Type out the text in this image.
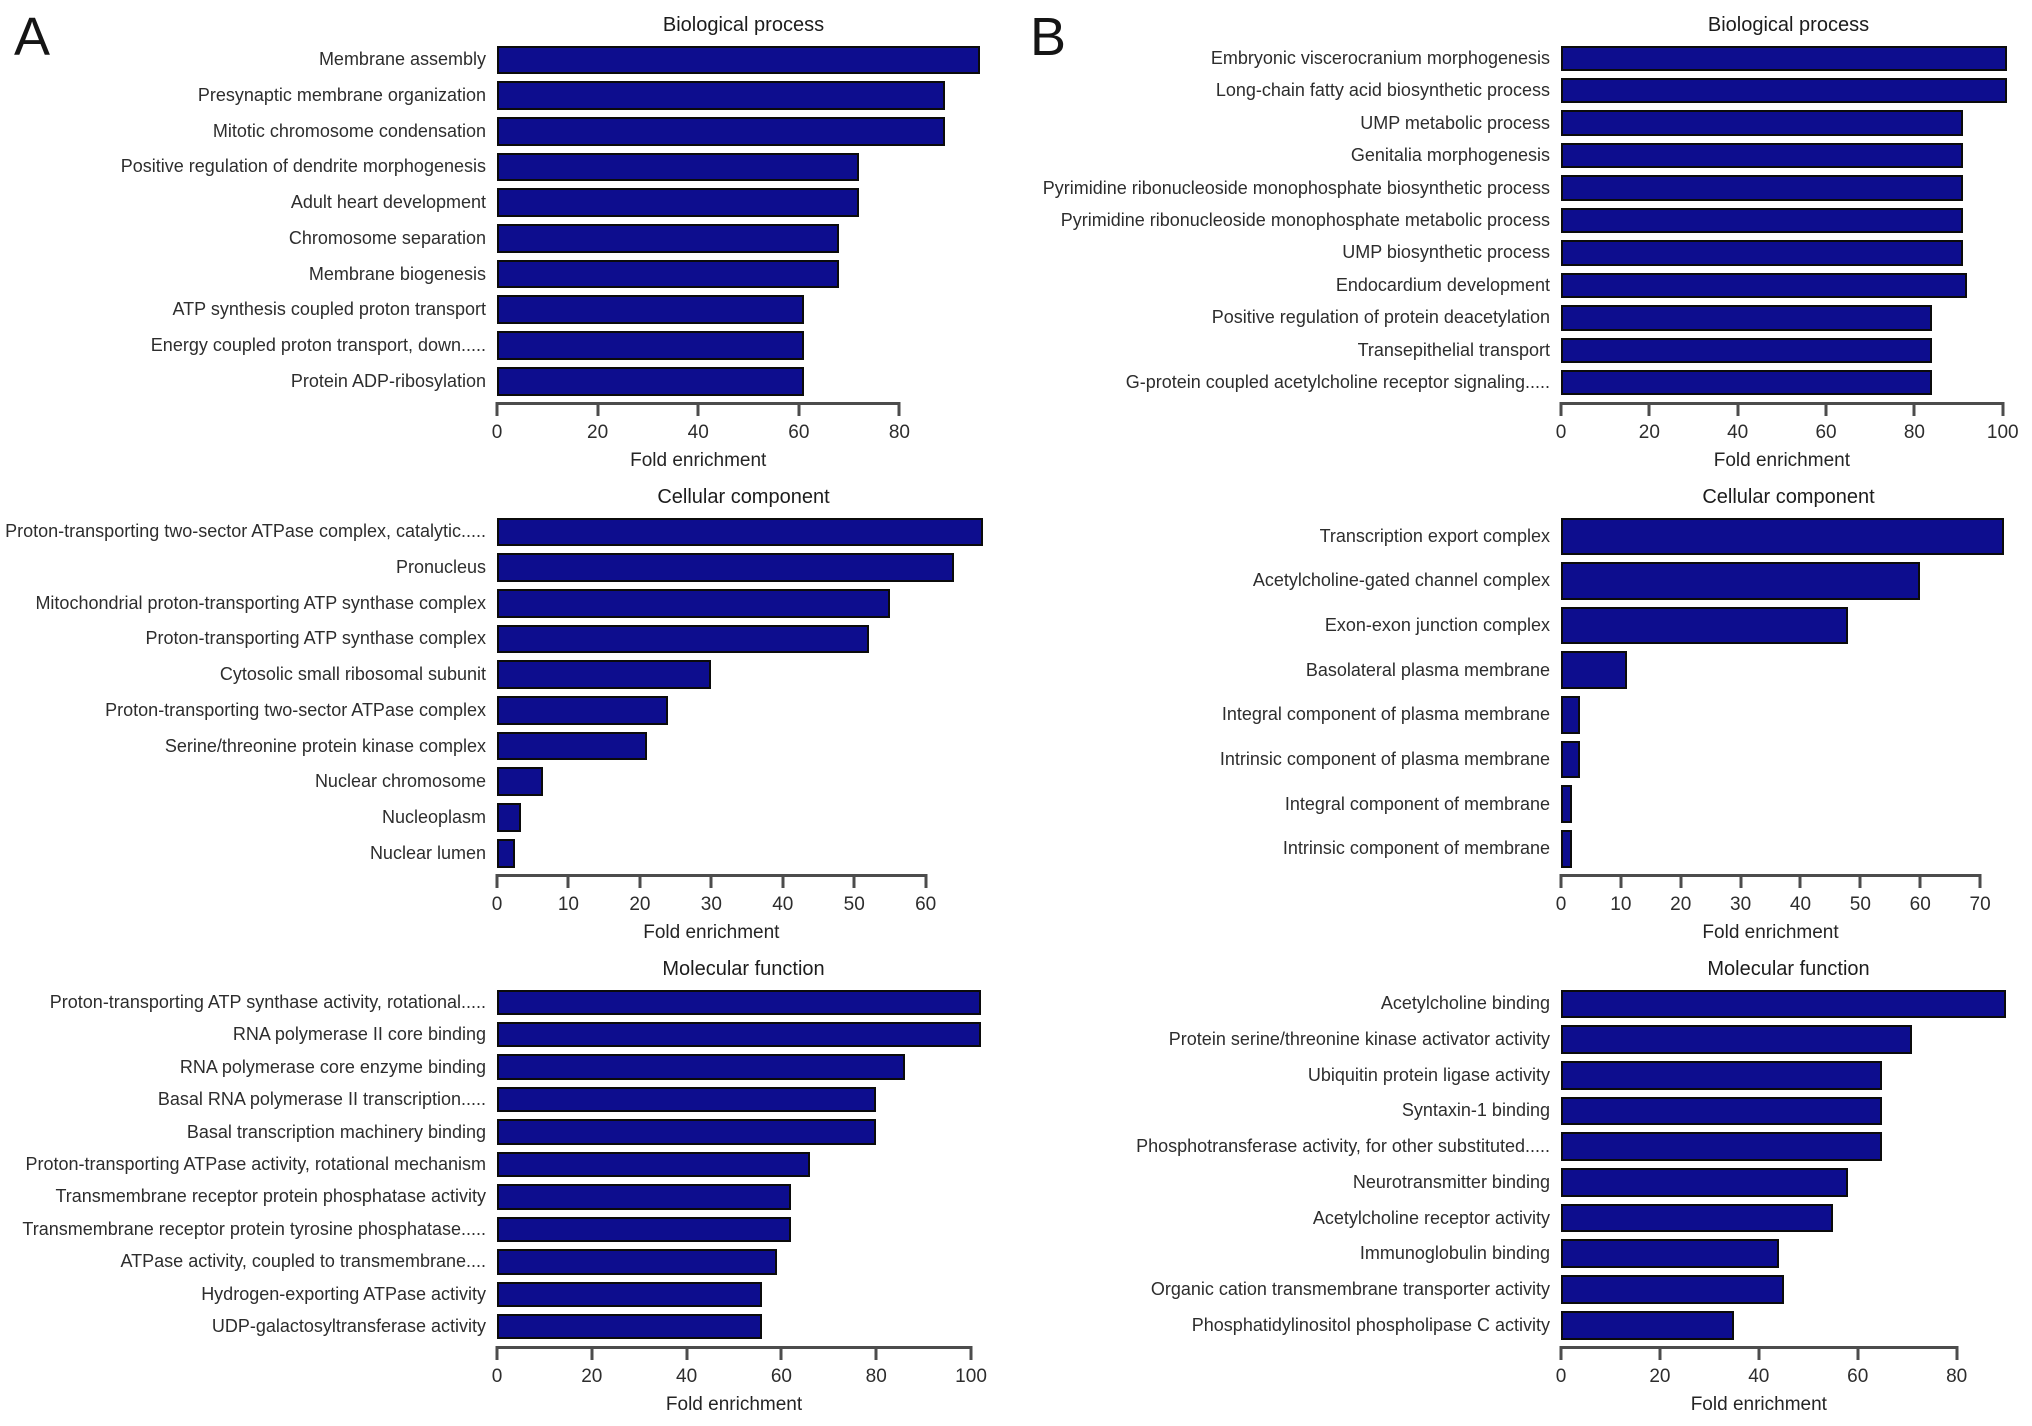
A	Biological process
Membrane assembly
Presynaptic membrane organization
Mitotic chromosome condensation
Positive regulation of dendrite morphogenesis
Adult heart development
Chromosome separation
Membrane biogenesis
ATP synthesis coupled proton transport
Energy coupled proton transport, down.....
Protein ADP-ribosylation
0	20	40	60	80
Fold enrichment
Cellular component
Proton-transporting two-sector ATPase complex, catalytic.....
Pronucleus
Mitochondrial proton-transporting ATP synthase complex
Proton-transporting ATP synthase complex
Cytosolic small ribosomal subunit
Proton-transporting two-sector ATPase complex
Serine/threonine protein kinase complex
Nuclear chromosome
Nucleoplasm
Nuclear lumen
0	10	20	30	40	50	60
Fold enrichment
Molecular function
Proton-transporting ATP synthase activity, rotational.....
RNA polymerase II core binding
RNA polymerase core enzyme binding
Basal RNA polymerase II transcription.....
Basal transcription machinery binding
Proton-transporting ATPase activity, rotational mechanism
Transmembrane receptor protein phosphatase activity
Transmembrane receptor protein tyrosine phosphatase.....
ATPase activity, coupled to transmembrane....
Hydrogen-exporting ATPase activity
UDP-galactosyltransferase activity
0	20	40	60	80	100
Fold enrichment
B	Biological process
Embryonic viscerocranium morphogenesis
Long-chain fatty acid biosynthetic process
UMP metabolic process
Genitalia morphogenesis
Pyrimidine ribonucleoside monophosphate biosynthetic process
Pyrimidine ribonucleoside monophosphate metabolic process
UMP biosynthetic process
Endocardium development
Positive regulation of protein deacetylation
Transepithelial transport
G-protein coupled acetylcholine receptor signaling.....
0	20	40	60	80	100
Fold enrichment
Cellular component
Transcription export complex
Acetylcholine-gated channel complex
Exon-exon junction complex
Basolateral plasma membrane
Integral component of plasma membrane
Intrinsic component of plasma membrane
Integral component of membrane
Intrinsic component of membrane
0 10 20 30 40 50 60 70
Fold enrichment
Molecular function
Acetylcholine binding
Protein serine/threonine kinase activator activity
Ubiquitin protein ligase activity
Syntaxin-1 binding
Phosphotransferase activity, for other substituted.....
Neurotransmitter binding
Acetylcholine receptor activity
Immunoglobulin binding
Organic cation transmembrane transporter activity
Phosphatidylinositol phospholipase C activity
0	20	40	60	80
Fold enrichment
